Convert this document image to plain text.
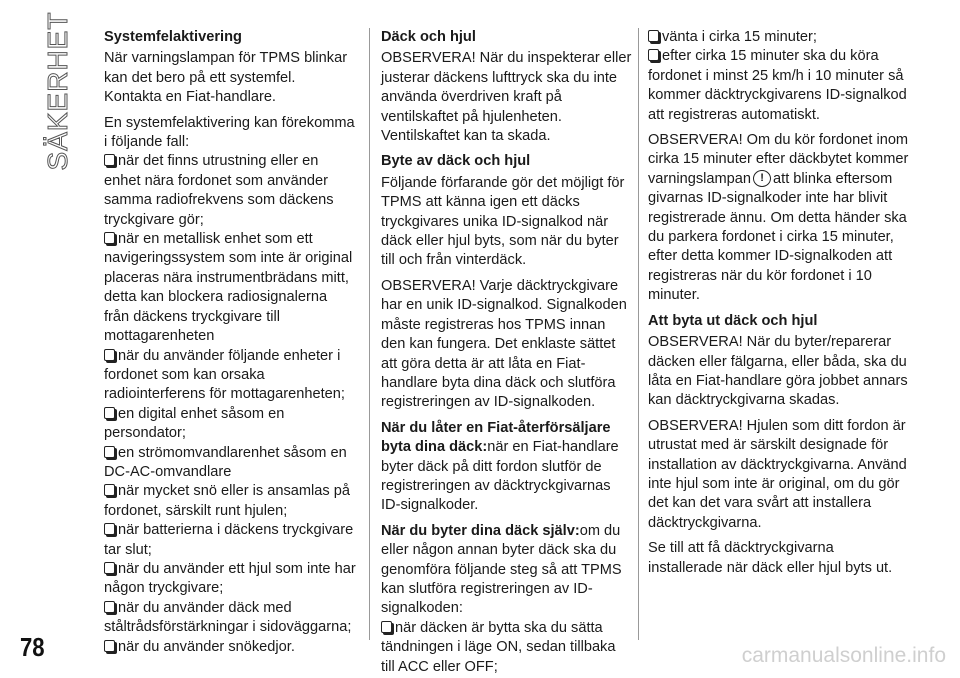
SÄKERHET Systemfelaktivering

När varningslampan för TPMS blinkar kan det bero på ett systemfel. Kontakta en Fiat-handlare.

En systemfelaktivering kan förekomma i följande fall:

när det finns utrustning eller en enhet nära fordonet som använder samma radiofrekvens som däckens tryckgivare gör;
när en metallisk enhet som ett navigeringssystem som inte är original placeras nära instrumentbrädans mitt, detta kan blockera radiosignalerna från däckens tryckgivare till mottagarenheten
när du använder följande enheter i fordonet som kan orsaka radiointerferens för mottagarenheten;
en digital enhet såsom en persondator;
en strömomvandlarenhet såsom en DC-AC-omvandlare
när mycket snö eller is ansamlas på fordonet, särskilt runt hjulen;
när batterierna i däckens tryckgivare tar slut;
när du använder ett hjul som inte har någon tryckgivare;
när du använder däck med ståltrådsförstärkningar i sidoväggarna;
när du använder snökedjor.
Däck och hjul

OBSERVERA! När du inspekterar eller justerar däckens lufttryck ska du inte använda överdriven kraft på ventilskaftet på hjulenheten. Ventilskaftet kan ta skada.

Byte av däck och hjul

Följande förfarande gör det möjligt för TPMS att känna igen ett däcks tryckgivares unika ID-signalkod när däck eller hjul byts, som när du byter till och från vinterdäck.

OBSERVERA! Varje däcktryckgivare har en unik ID-signalkod. Signalkoden måste registreras hos TPMS innan den kan fungera. Det enklaste sättet att göra detta är att låta en Fiat-handlare byta dina däck och slutföra registreringen av ID-signalkoden.

När du låter en Fiat-återförsäljare byta dina däck:när en Fiat-handlare byter däck på ditt fordon slutför de registreringen av däcktryckgivarnas ID-signalkoder.

När du byter dina däck själv:om du eller någon annan byter däck ska du genomföra följande steg så att TPMS kan slutföra registreringen av ID-signalkoden:

när däcken är bytta ska du sätta tändningen i läge ON, sedan tillbaka till ACC eller OFF;
vänta i cirka 15 minuter;
efter cirka 15 minuter ska du köra fordonet i minst 25 km/h i 10 minuter så kommer däcktryckgivarens ID-signalkod att registreras automatiskt.

OBSERVERA! Om du kör fordonet inom cirka 15 minuter efter däckbytet kommer varningslampan ! att blinka eftersom givarnas ID-signalkoder inte har blivit registrerade ännu. Om detta händer ska du parkera fordonet i cirka 15 minuter, efter detta kommer ID-signalkoden att registreras när du kör fordonet i 10 minuter.

Att byta ut däck och hjul

OBSERVERA! När du byter/reparerar däcken eller fälgarna, eller båda, ska du låta en Fiat-handlare göra jobbet annars kan däcktryckgivarna skadas.

OBSERVERA! Hjulen som ditt fordon är utrustat med är särskilt designade för installation av däcktryckgivarna. Använd inte hjul som inte är original, om du gör det kan det vara svårt att installera däcktryckgivarna.

Se till att få däcktryckgivarna installerade när däck eller hjul byts ut.

78	carmanualsonline.info
